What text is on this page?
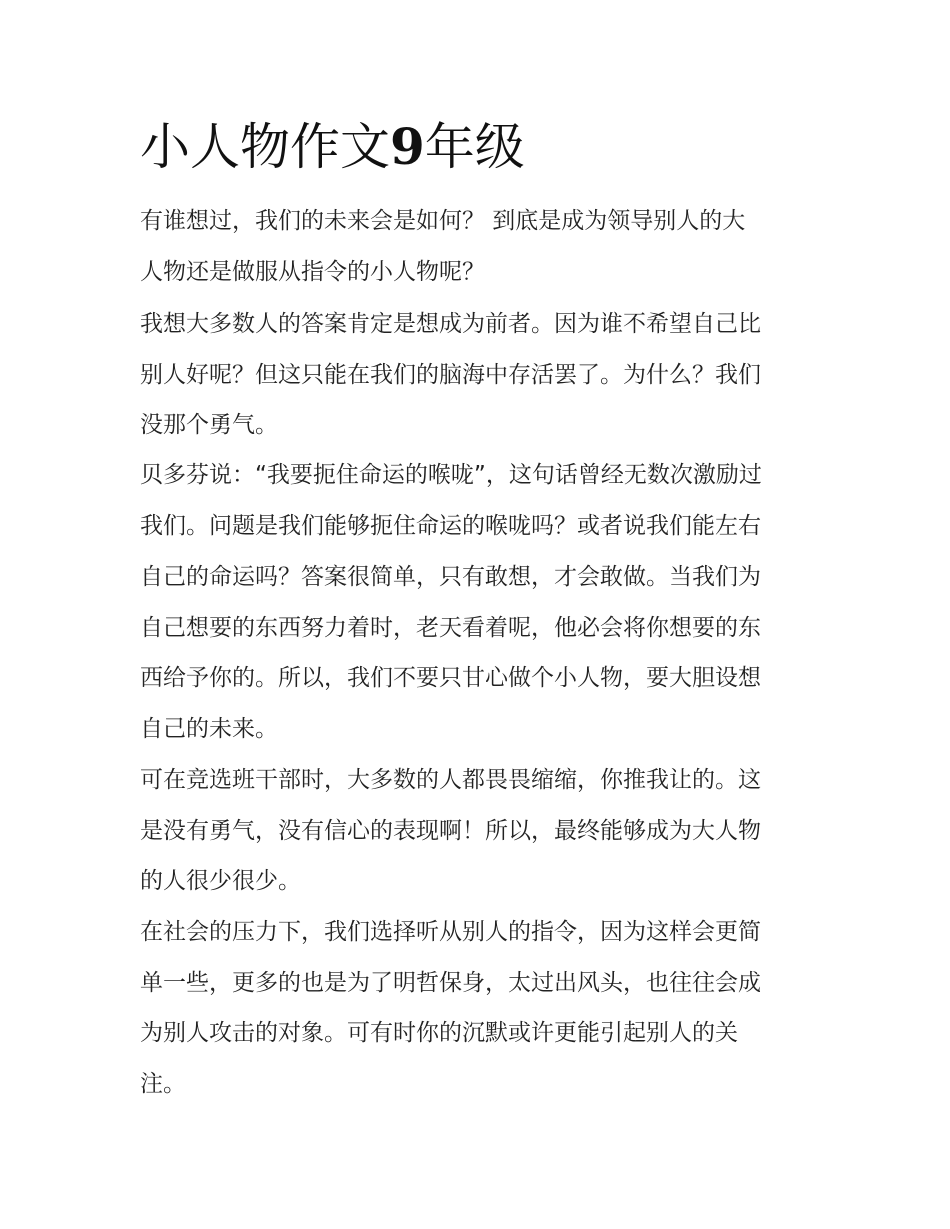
小人物作文9年级

有谁想过，我们的未来会是如何？ 到底是成为领导别人的大

人物还是做服从指令的小人物呢？

我想大多数人的答案肯定是想成为前者。因为谁不希望自己比

别人好呢？但这只能在我们的脑海中存活罢了。为什么？我们

没那个勇气。

贝多芬说：“我要扼住命运的喉咙”，这句话曾经无数次激励过

我们。问题是我们能够扼住命运的喉咙吗？或者说我们能左右

自己的命运吗？答案很简单，只有敢想，才会敢做。当我们为

自己想要的东西努力着时，老天看着呢，他必会将你想要的东

西给予你的。所以，我们不要只甘心做个小人物，要大胆设想

自己的未来。

可在竞选班干部时，大多数的人都畏畏缩缩，你推我让的。这

是没有勇气，没有信心的表现啊！所以，最终能够成为大人物

的人很少很少。

在社会的压力下，我们选择听从别人的指令，因为这样会更简

单一些，更多的也是为了明哲保身，太过出风头，也往往会成

为别人攻击的对象。可有时你的沉默或许更能引起别人的关

注。
